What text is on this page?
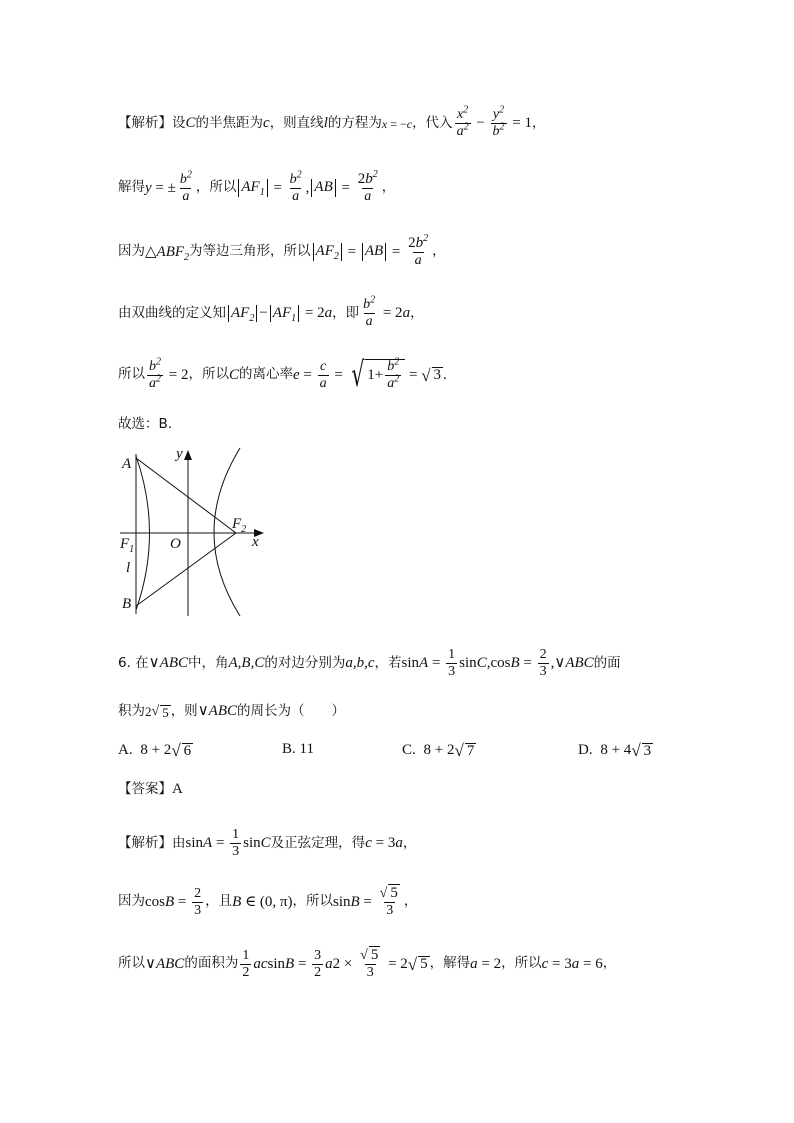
【解析】 设 C 的半焦距为 c ，则直线 l 的方程为 x = − c ，代入 $\frac{x^2}{a^2} - \frac{y^2}{b^2} = 1$ ，
解得 y = ± $\frac{b^2}{a}$ ，所以 $AF_1 = \frac{b^2}{a}$ , AB = $\frac{2b^2}{a}$ ，
因为 △ $ABF_2$ 为等边三角形，所以 $AF_2$ = AB = $\frac{2b^2}{a}$ ，
由双曲线的定义知 $AF_2 - AF_1 = 2$ a ，即 $\frac{b^2}{a} = 2$ a ，
所以 $\frac{b^2}{a^2} = 2$ ，所以 C 的离心率 $e = \frac{c}{a}$ = √ $1+ \frac{b^2}{a^2}$ = √ 3 .
故选：B.
A
y
$F_2$
$F_1$ O	x
l
B
6. 在 ∨ ABC 中，角 A,B,C 的对边分别为 a,b,c ，若 $\sin A = \frac{1}{3}$ sin C ,cos $B = \frac{2}{3}$ ,∨ ABC 的面
积为 2 √ 5 ，则 ∨ ABC 的周长为（　　）
A. 8 + 2 √ 6	B. 11	C. 8 + 2 √ 7	D. 8 + 4 √ 3
【答案】 A
【解析】 由 $\sin A = \frac{1}{3}$ sin C 及正弦定理，得 c = 3 a ，
因为 $\cos B = \frac{2}{3}$ ，且 B ∈ (0, π) ，所以 $\sin B = \frac{√ 5}{3}$ ，
所以 ∨ ABC 的面积为 $\frac{1}{2}$ ac $\sin B = \frac{3}{2}$ a $2 \times \frac{√ 5}{3} = 2$ √ 5 ，解得 a = 2 ，所以 c = 3 a = 6 ，
